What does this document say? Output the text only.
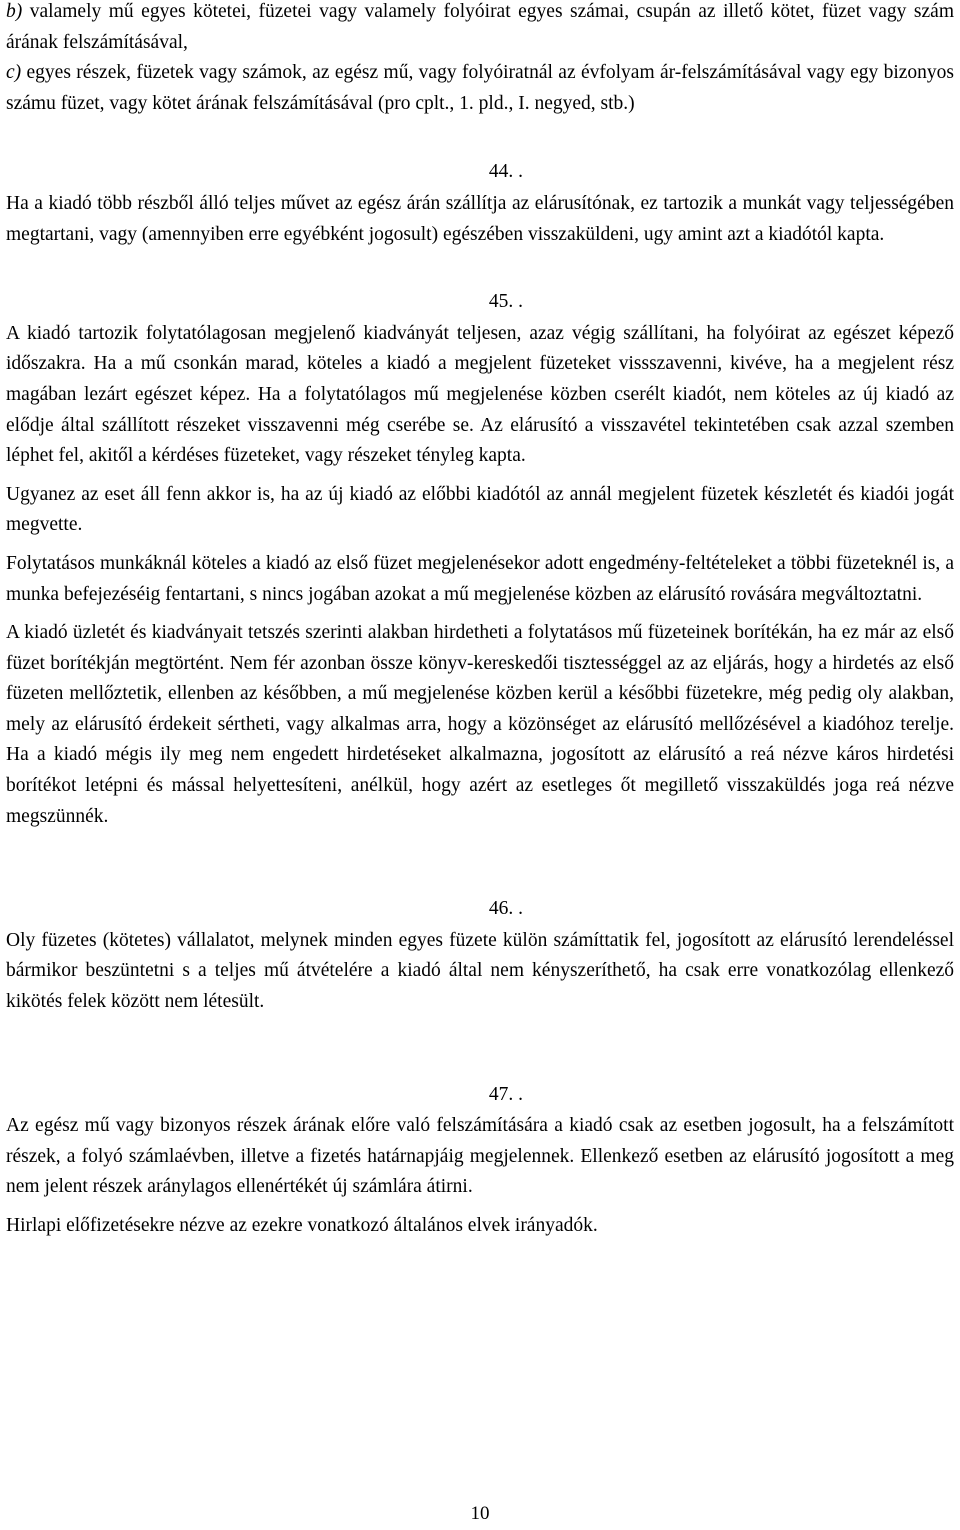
b) valamely mű egyes kötetei, füzetei vagy valamely folyóirat egyes számai, csupán az illető kötet, füzet vagy szám árának felszámításával,

c) egyes részek, füzetek vagy számok, az egész mű, vagy folyóiratnál az évfolyam ár-felszámításával vagy egy bizonyos számu füzet, vagy kötet árának felszámításával (pro cplt., 1. pld., I. negyed, stb.)

44. .

Ha a kiadó több részből álló teljes művet az egész árán szállítja az elárusítónak, ez tartozik a munkát vagy teljességében megtartani, vagy (amennyiben erre egyébként jogosult) egészében visszaküldeni, ugy amint azt a kiadótól kapta.

45. .

A kiadó tartozik folytatólagosan megjelenő kiadványát teljesen, azaz végig szállítani, ha folyóirat az egészet képező időszakra. Ha a mű csonkán marad, köteles a kiadó a megjelent füzeteket vissszavenni, kivéve, ha a megjelent rész magában lezárt egészet képez. Ha a folytatólagos mű megjelenése közben cserélt kiadót, nem köteles az új kiadó az elődje által szállított részeket visszavenni még cserébe se. Az elárusító a visszavétel tekintetében csak azzal szemben léphet fel, akitől a kérdéses füzeteket, vagy részeket tényleg kapta.

Ugyanez az eset áll fenn akkor is, ha az új kiadó az előbbi kiadótól az annál megjelent füzetek készletét és kiadói jogát megvette.

Folytatásos munkáknál köteles a kiadó az első füzet megjelenésekor adott engedmény-feltételeket a többi füzeteknél is, a munka befejezéséig fentartani, s nincs jogában azokat a mű megjelenése közben az elárusító rovására megváltoztatni.

A kiadó üzletét és kiadványait tetszés szerinti alakban hirdetheti a folytatásos mű füzeteinek borítékán, ha ez már az első füzet borítékján megtörtént. Nem fér azonban össze könyv-kereskedői tisztességgel az az eljárás, hogy a hirdetés az első füzeten mellőztetik, ellenben az későbben, a mű megjelenése közben kerül a későbbi füzetekre, még pedig oly alakban, mely az elárusító érdekeit sértheti, vagy alkalmas arra, hogy a közönséget az elárusító mellőzésével a kiadóhoz terelje. Ha a kiadó mégis ily meg nem engedett hirdetéseket alkalmazna, jogosított az elárusító a reá nézve káros hirdetési borítékot letépni és mással helyettesíteni, anélkül, hogy azért az esetleges őt megillető visszaküldés joga reá nézve megszünnék.

46. .

Oly füzetes (kötetes) vállalatot, melynek minden egyes füzete külön számíttatik fel, jogosított az elárusító lerendeléssel bármikor beszüntetni s a teljes mű átvételére a kiadó által nem kényszeríthető, ha csak erre vonatkozólag ellenkező kikötés felek között nem létesült.

47. .

Az egész mű vagy bizonyos részek árának előre való felszámítására a kiadó csak az esetben jogosult, ha a felszámított részek, a folyó számlaévben, illetve a fizetés határnapjáig megjelennek. Ellenkező esetben az elárusító jogosított a meg nem jelent részek aránylagos ellenértékét új számlára átirni.

Hirlapi előfizetésekre nézve az ezekre vonatkozó általános elvek irányadók.

10
